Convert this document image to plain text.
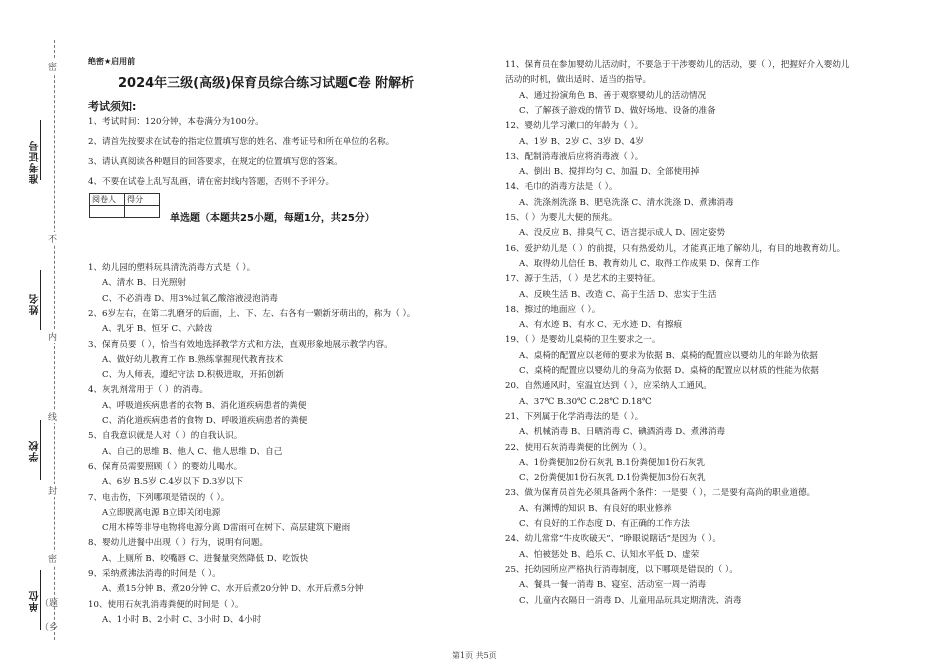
准考证号
姓名
学校
单位
密
不
内
线
封
密
（题
（乡
绝密★启用前
2024年三级(高级)保育员综合练习试题C卷 附解析
考试须知:
1、考试时间：120分钟，本卷满分为100分。
2、请首先按要求在试卷的指定位置填写您的姓名、准考证号和所在单位的名称。
3、请认真阅读各种题目的回答要求，在规定的位置填写您的答案。
4、不要在试卷上乱写乱画，请在密封线内答题，否则不予评分。
阅卷人	得分

单选题（本题共25小题，每题1分，共25分）
1、幼儿园的塑料玩具清洗消毒方式是（ ）。
A、清水 B、日光照射
C、不必消毒 D、用3%过氧乙酸溶液浸泡消毒
2、6岁左右，在第二乳磨牙的后面，上、下、左、右各有一颗新牙萌出的，称为（ ）。
A、乳牙 B、恒牙 C、六龄齿
3、保育员要（ ），恰当有效地选择教学方式和方法，直观形象地展示教学内容。
A、做好幼儿教育工作 B.熟练掌握现代教育技术
C、为人师表，遵纪守法 D.积极进取，开拓创新
4、灰乳剂常用于（ ）的消毒。
A、呼吸道疾病患者的衣物 B、消化道疾病患者的粪便
C、消化道疾病患者的食物 D、呼吸道疾病患者的粪便
5、自我意识就是人对（ ）的自我认识。
A、自己的思维 B、他人 C、他人思维 D、自己
6、保育员需要照顾（ ）的婴幼儿喝水。
A、6岁 B.5岁 C.4岁以下 D.3岁以下
7、电击伤，下列哪项是错误的（ ）。
A立即脱离电源 B立即关闭电源
C用木棒等非导电物将电源分离 D雷雨可在树下、高层建筑下避雨
8、婴幼儿进餐中出现（ ）行为，说明有问题。
A、上厕所 B、咬嘴唇 C、进餐量突然降低 D、吃饭快
9、采纳煮沸法消毒的时间是（ ）。
A、煮15分钟 B、煮20分钟 C、水开后煮20分钟 D、水开后煮5分钟
10、使用石灰乳消毒粪便的时间是（ ）。
A、1小时 B、2小时 C、3小时 D、4小时
11、保育员在参加婴幼儿活动时，不要急于干涉婴幼儿的活动，要（ ），把握好介入婴幼儿
活动的时机，做出适时、适当的指导。
A、通过扮演角色 B、善于观察婴幼儿的活动情况
C、了解孩子游戏的情节 D、做好场地、设备的准备
12、婴幼儿学习漱口的年龄为（ ）。
A、1岁 B、2岁 C、3岁 D、4岁
13、配制消毒液后应将消毒液（ ）。
A、倒出 B、搅拌均匀 C、加温 D、全部使用掉
14、毛巾的消毒方法是（ ）。
A、洗涤剂洗涤 B、肥皂洗涤 C、清水洗涤 D、煮沸消毒
15、（ ）为婴儿大便的预兆。
A、没反应 B、排臭气 C、语言提示成人 D、固定姿势
16、爱护幼儿是（ ）的前提，只有热爱幼儿，才能真正地了解幼儿，有目的地教育幼儿。
A、取得幼儿信任 B、教育幼儿 C、取得工作成果 D、保育工作
17、源于生活，（ ）是艺术的主要特征。
A、反映生活 B、改造 C、高于生活 D、忠实于生活
18、擦过的地面应（ ）。
A、有水迹 B、有水 C、无水迹 D、有擦痕
19、（ ）是婴幼儿桌椅的卫生要求之一。
A、桌椅的配置应以老师的要求为依据 B、桌椅的配置应以婴幼儿的年龄为依据
C、桌椅的配置应以婴幼儿的身高为依据 D、桌椅的配置应以材质的性能为依据
20、自然通风时，室温宜达到（ ），应采纳人工通风。
A、37℃ B.30℃ C.28℃ D.18℃
21、下列属于化学消毒法的是（ ）。
A、机械消毒 B、日晒消毒 C、碘酒消毒 D、煮沸消毒
22、使用石灰消毒粪便的比例为（ ）。
A、1份粪便加2份石灰乳 B.1份粪便加1份石灰乳
C、2份粪便加1份石灰乳 D.1份粪便加3份石灰乳
23、做为保育员首先必须具备两个条件：一是要（ ），二是要有高尚的职业道德。
A、有渊博的知识 B、有良好的职业修养
C、有良好的工作态度 D、有正确的工作方法
24、幼儿常常“牛皮吹破天”、“睁眼说瞎话”是因为（ ）。
A、怕被惩处 B、趋乐 C、认知水平低 D、虚荣
25、托幼园所应严格执行消毒制度，以下哪项是错误的（ ）。
A、餐具一餐一消毒 B、寝室、活动室一周一消毒
C、儿童内衣隔日一消毒 D、儿童用品玩具定期清洗、消毒
第1页 共5页
